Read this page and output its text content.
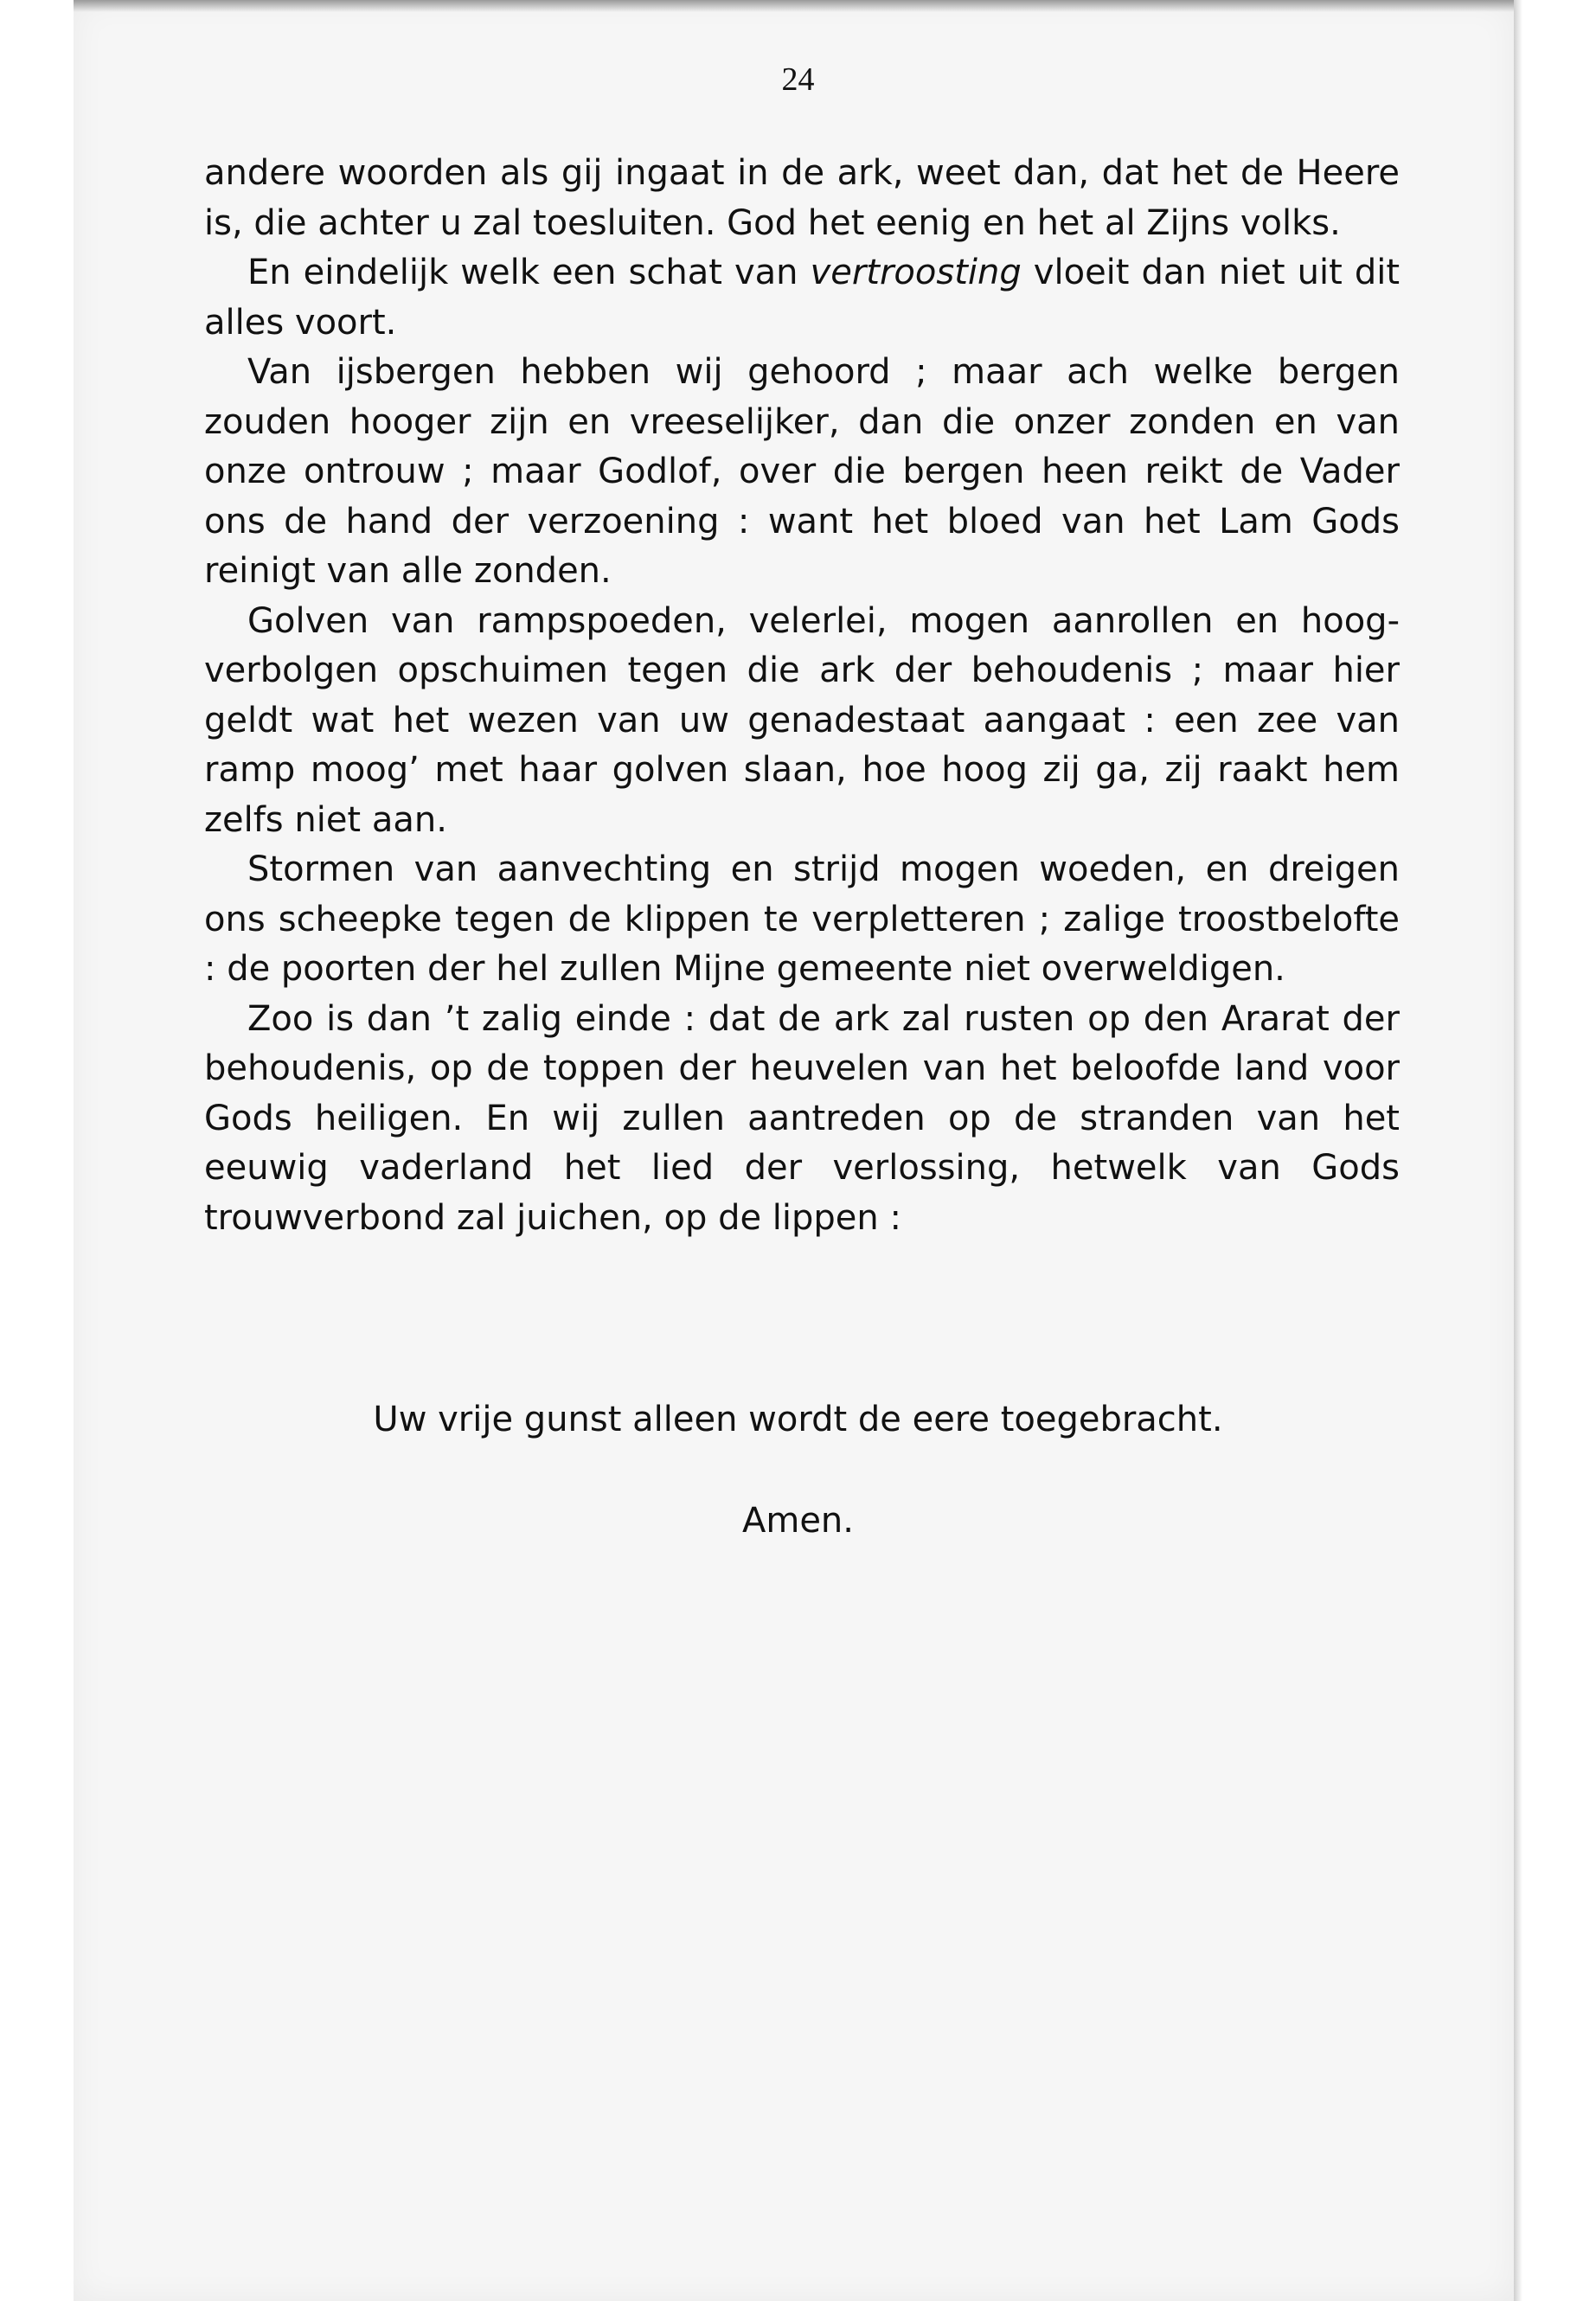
24

andere woorden als gij ingaat in de ark, weet dan, dat het de Heere is, die achter u zal toesluiten. God het eenig en het al Zijns volks.

En eindelijk welk een schat van vertroosting vloeit dan niet uit dit alles voort.

Van ijsbergen hebben wij gehoord ; maar ach welke bergen zouden hooger zijn en vreeselijker, dan die onzer zonden en van onze ontrouw ; maar Godlof, over die bergen heen reikt de Vader ons de hand der verzoening : want het bloed van het Lam Gods reinigt van alle zonden.

Golven van rampspoeden, velerlei, mogen aanrollen en hoogverbolgen opschuimen tegen die ark der behoudenis ; maar hier geldt wat het wezen van uw genadestaat aangaat : een zee van ramp moog’ met haar golven slaan, hoe hoog zij ga, zij raakt hem zelfs niet aan.

Stormen van aanvechting en strijd mogen woeden, en dreigen ons scheepke tegen de klippen te verpletteren ; zalige troostbelofte : de poorten der hel zullen Mijne gemeente niet overweldigen.

Zoo is dan ’t zalig einde : dat de ark zal rusten op den Ararat der behoudenis, op de toppen der heuvelen van het beloofde land voor Gods heiligen. En wij zullen aantreden op de stranden van het eeuwig vaderland het lied der verlossing, hetwelk van Gods trouwverbond zal juichen, op de lippen :

Uw vrije gunst alleen wordt de eere toegebracht.
Amen.
